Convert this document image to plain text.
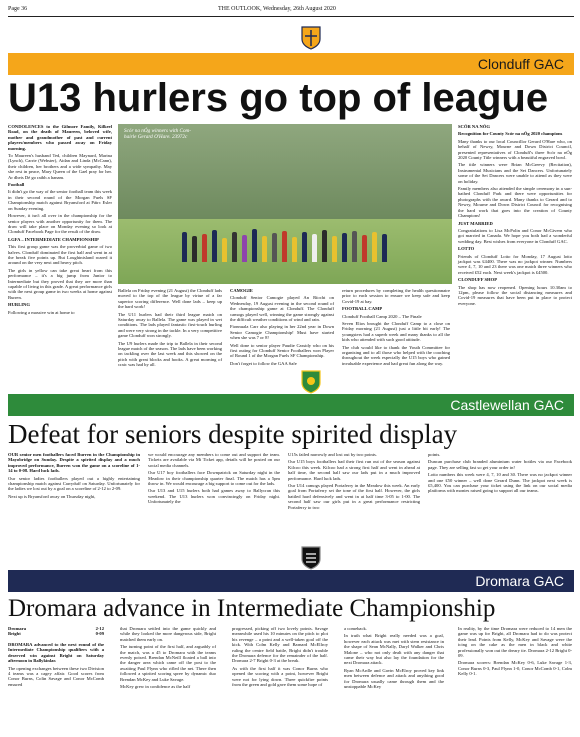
Page 36	THE OUTLOOK, Wednesday, 26th August 2020
Clonduff GAC
U13 hurlers go top of league

CONDOLENCES to the Gilmore Family, Kilkeel Road, on the death of Maureen, beloved wife, mother and grandmother of past and current players/members who passed away on Friday morning.

To Maureen's husband Ted, children Maynard, Marina (Lynch), Carrie (Webster), Aidan and Linda (McCann), their children, her brothers and a wide sympathy. May she rest in peace, Mary Queen of the Gael pray for her. Ar dheis Dé go raibh a hanam.

Football

It didn't go the way of the senior football team this week in their second round of the Morgan Fuels SF Championship match against Bryansford at Páirc Esler on Sunday evening.

However, it isn't all over in the championship for the senior players with another opportunity for them. The draw will take place on Monday evening so look at Clonduff Facebook Page for the result of the draw.

LGFA – INTERMEDIATE CHAMPIONSHIP

This first group game was the proverbial game of two halves. Clonduff dominated the first half and went in at the break five points up. But Loughinisland roared it around on the very next and heavy pitch.

The girls in yellow can take great heart from this performance – it's a big jump from Junior to Intermediate but they proved that they are more than capable of living in this grade. A great performance girls with the next group game in two weeks at home against Burren.

HURLING

Following a massive win at home to

Scór na nÓg winners with Com-
hairle Gerard O'Hare. 23972c

Ballela on Friday evening (21 August) the Clonduff lads moved to the top of the league by virtue of a far superior scoring difference. Well done lads – keep up the hard work!

The U11 hurlers had their third league match on Saturday away to Ballela. The game was played in wet conditions. The lads played fantastic first-touch hurling and were very strong in the tackle. In a very competitive game Clonduff won strongly.

The U9 hurlers made the trip to Ballela in their second league match of the season. The lads have been working on tackling over the last week and this showed on the pitch with great blocks and hooks. A great morning of craic was had by all.

CAMOGIE

Clonduff Senior Camogie played An Ríocht on Wednesday, 19 August evening in the second round of the championship game at Clonduff. The Clonduff camogs played well, winning the game strongly against the difficult weather conditions of wind and rain.

Fionnuala Carr also playing in her 22nd year in Down Senior Camogie Championship! Must have started when she was 7 or 8!

Well done to senior player Paudie Cassidy who on his first outing for Clonduff Senior Footballers won Player of Round 1 of the Morgan Fuels SF Championship.

Don't forget to follow the GAA Safe

return procedures by completing the health questionnaire prior to each session to ensure we keep safe and keep Covid-19 at bay.

FOOTBALL CAMP

Clonduff Football Camp 2020 – The Finale

Seven Elios brought the Clonduff Camp to a close on Friday morning (21 August) just a little bit early! The youngsters had a superb week and many thanks to all the kids who attended with such good attitude.

The club would like to thank the Youth Committee for organising and to all those who helped with the coaching throughout the week especially the U15 boys who gained invaluable experience and had great fun along the way.

SCÓR NA NÓG

Recognition for County Scór na nÓg 2020 champions

Many thanks to our local Councillor Gerard O'Hare who, on behalf of Newry, Mourne and Down District Council, presented representatives of Clonduff's three Scór na nÓg 2020 County Title winners with a beautiful engraved bowl.

The title winners were Brian McGreevy (Recitation), Instrumental Musicians and the Set Dancers. Unfortunately some of the Set Dancers were unable to attend as they were on holiday.

Family members also attended the simple ceremony in a sun-bathed Clonduff Park and there were opportunities for photographs with the award. Many thanks to Gerard and to Newry, Mourne and Down District Council for recognising the hard work that goes into the creation of County Champions!

JUST MARRIED

Congratulations to Lisa McPolin and Conor McGivern who got married in Canada. We hope you both had a wonderful wedding day. Best wishes from everyone in Clonduff GAC.

LOTTO

Friends of Clonduff Lotto for Monday, 17 August lotto jackpot was £4400. There was no jackpot winner. Numbers were 4, 7, 10 and 23 there was one match three winners who received £52 each. Next week's jackpot is £4500.

CLONDUFF SHOP

The shop has now reopened. Opening hours 10.30am to 12pm, please follow the social distancing measures and Covid-19 measures that have been put in place to protect everyone.

Castlewellan GAC
Defeat for seniors despite spirited display

OUR senior men footballers faced Burren in the Championship in Mayobridge on Sunday. Despite a spirited display and a much improved performance, Burren won the game on a scoreline of 1-14 to 0-08. Hard luck lads.

Our senior ladies footballers played out a highly entertaining championship match against Carryduff on Saturday. Unfortunately for the ladies we lost out by a goal on a scoreline of 2-12 to 2-09.

Next up is Bryansford away on Thursday night,

we would encourage any members to come out and support the team. Tickets are available via Mi Ticket app, details will be posted on our social media channels.

Our U17 boy footballers face Downpatrick on Saturday night in the Meadow in their championship quarter final. The match has a 5pm throw in. We would encourage a big support to come out for the lads.

Our U13 and U15 hurlers both had games away to Ballycran this weekend. The U13 hurlers won convincingly on Friday night. Unfortunately the

U15s failed narrowly and lost out by two points.

Our U15 boys footballers had their first run out of the season against Kilcoo this week. Kilcoo had a strong first half and went in ahead at half time, the second half saw our lads put in a much improved performance. Hard luck lads.

Our U14 camogs played Portaferry in the Meadow this week. An early goal from Portaferry set the tone of the first half. However, the girls battled hard defensively and went in at half time 3-05 to 1-00. The second half saw our girls put in a great performance restricting Portaferry to two

points.

Duncan purchase club branded aluminium water bottles via our Facebook page. They are selling fast so get your order in!

Lotto numbers this week were 4, 7, 10 and 30. There was no jackpot winner and one £50 winner – well done Gerard Dunn. The jackpot next week is £5,400. You can purchase your ticket using the link on our social media platforms with monies raised going to support all our teams.

Dromara GAC
Dromara advance in Intermediate Championship
Dromara	2-12
Bright	0-09

DROMARA advanced to the next round of the Intermediate Championship qualifiers with a deserved win against Bright on Saturday afternoon in Ballykinlar.

The opening exchanges between these two Division 4 teams was a cagey affair. Good scores from Conor Burns, Colin Savage and Conor McComb ensured

that Dromara settled into the game quickly and while they looked the more dangerous side, Bright matched them early on.

The turning point of the first half, and arguably of the match, was a 45 to Dromara with the teams evenly poised. Brendan McNeill floated a ball into the danger area which came off the post to the awaiting Paul Flynn who rifled the net. There then followed a spirited scoring spree by dynamic duo Brendan McKey and Luke Savage.

McKey grew in confidence as the half

progressed, picking off two lovely points. Savage meanwhile used his 10 minutes on the pitch to plot his revenge – a point and a well-taken goal off the kick. With Colm Kelly and Barnard McEllroy ruling the centre field battle, Bright didn't trouble the Dromara defence for the remainder of the half. Dromara 2-7 Bright 0-3 at the break.

As with the first half it was Conor Burns who opened the scoring with a point, however Bright were not for lying down. Three quickfire points from the green and gold gave them some hope of

a comeback.

In truth what Bright really needed was a goal, however each attack was met with stern resistance in the shape of Sean McNally, Daryl Walker and Chris Malone – who not only dealt with any danger that came their way but also lay the foundation for the next Dromara attack.

Ryan McArdle and Gavin McElroy proved key link men between defence and attack and anything good for Dromara usually came through them and the unstoppable McKey

In reality, by the time Dromara were reduced to 14 men the game was up for Bright, all Dromara had to do was protect their lead. Points from Kelly, McKey and Savage were the icing on the cake as the men in black and white professionally won out the dreary tie. Dromara 2-12 Bright 0-09.

Dromara scorers: Brendan McKey 0-6, Luke Savage 1-3, Conor Burns 0-3, Paul Flynn 1-0, Conor McComb 0-1, Colm Kelly 0-1.
